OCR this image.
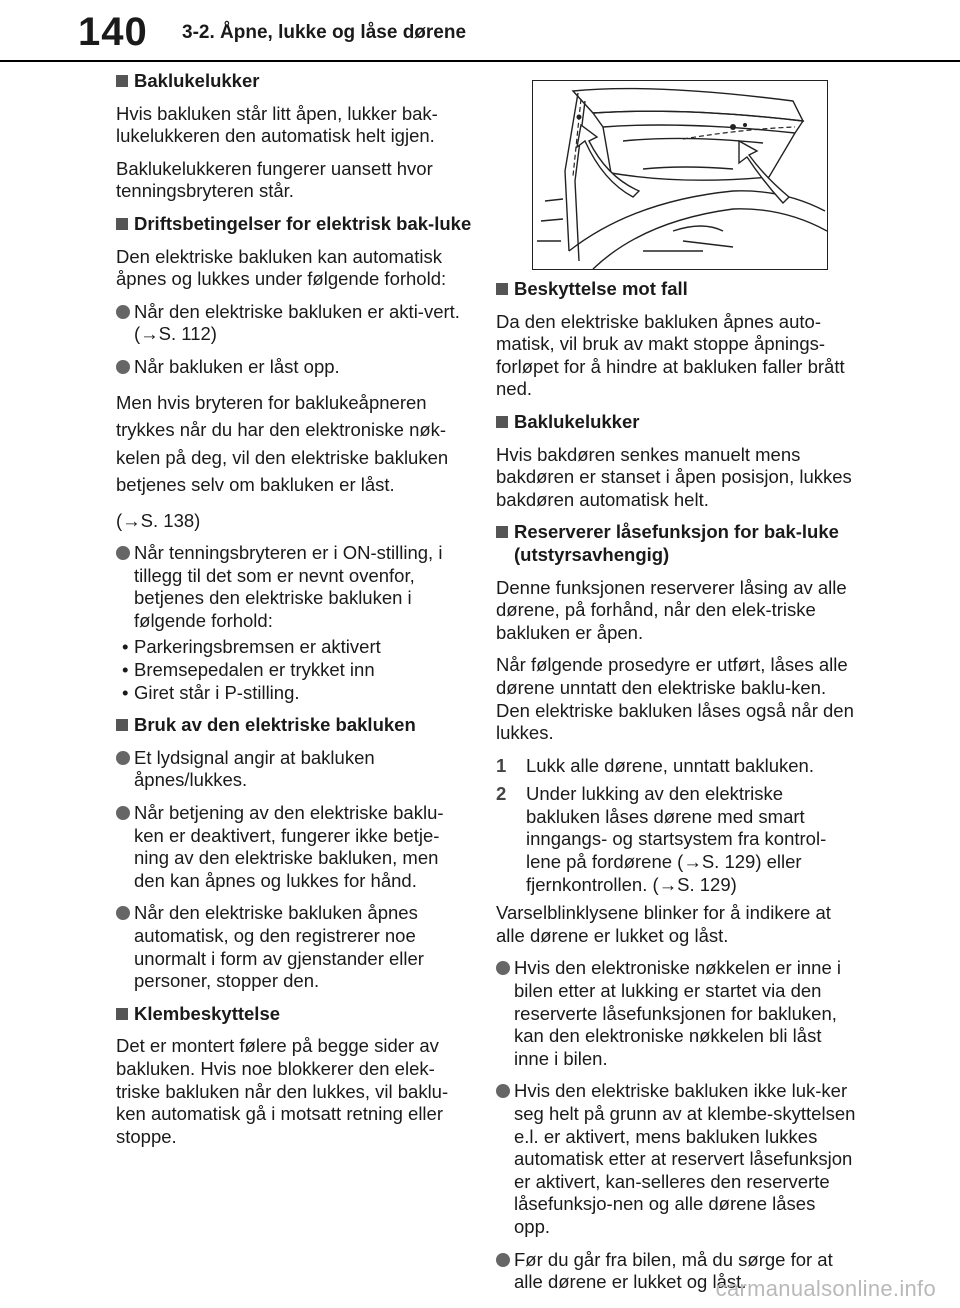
140 3-2. Åpne, lukke og låse dørene
Baklukelukker
Hvis bakluken står litt åpen, lukker bak-lukelukkeren den automatisk helt igjen.
Baklukelukkeren fungerer uansett hvor tenningsbryteren står.
Driftsbetingelser for elektrisk bak-luke
Den elektriske bakluken kan automatisk åpnes og lukkes under følgende forhold:
Når den elektriske bakluken er akti-vert. (→S. 112)
Når bakluken er låst opp.
Men hvis bryteren for baklukeåpneren trykkes når du har den elektroniske nøk-kelen på deg, vil den elektriske bakluken betjenes selv om bakluken er låst.
(→S. 138)
Når tenningsbryteren er i ON-stilling, i tillegg til det som er nevnt ovenfor, betjenes den elektriske bakluken i følgende forhold:
• Parkeringsbremsen er aktivert
• Bremsepedalen er trykket inn
• Giret står i P-stilling.
Bruk av den elektriske bakluken
Et lydsignal angir at bakluken åpnes/lukkes.
Når betjening av den elektriske baklu-ken er deaktivert, fungerer ikke betje-ning av den elektriske bakluken, men den kan åpnes og lukkes for hånd.
Når den elektriske bakluken åpnes automatisk, og den registrerer noe unormalt i form av gjenstander eller personer, stopper den.
Klembeskyttelse
Det er montert følere på begge sider av bakluken. Hvis noe blokkerer den elek-triske bakluken når den lukkes, vil baklu-ken automatisk gå i motsatt retning eller stoppe.
Beskyttelse mot fall
Da den elektriske bakluken åpnes auto-matisk, vil bruk av makt stoppe åpnings-forløpet for å hindre at bakluken faller brått ned.
Baklukelukker
Hvis bakdøren senkes manuelt mens bakdøren er stanset i åpen posisjon, lukkes bakdøren automatisk helt.
Reserverer låsefunksjon for bak-luke (utstyrsavhengig)
Denne funksjonen reserverer låsing av alle dørene, på forhånd, når den elek-triske bakluken er åpen.
Når følgende prosedyre er utført, låses alle dørene unntatt den elektriske baklu-ken. Den elektriske bakluken låses også når den lukkes.
1 Lukk alle dørene, unntatt bakluken.
2 Under lukking av den elektriske bakluken låses dørene med smart inngangs- og startsystem fra kontrol-lene på fordørene (→S. 129) eller fjernkontrollen. (→S. 129)
Varselblinklysene blinker for å indikere at alle dørene er lukket og låst.
Hvis den elektroniske nøkkelen er inne i bilen etter at lukking er startet via den reserverte låsefunksjonen for bakluken, kan den elektroniske nøkkelen bli låst inne i bilen.
Hvis den elektriske bakluken ikke luk-ker seg helt på grunn av at klembe-skyttelsen e.l. er aktivert, mens bakluken lukkes automatisk etter at reservert låsefunksjon er aktivert, kan-selleres den reserverte låsefunksjo-nen og alle dørene låses opp.
Før du går fra bilen, må du sørge for at alle dørene er lukket og låst.
carmanualsonline.info
